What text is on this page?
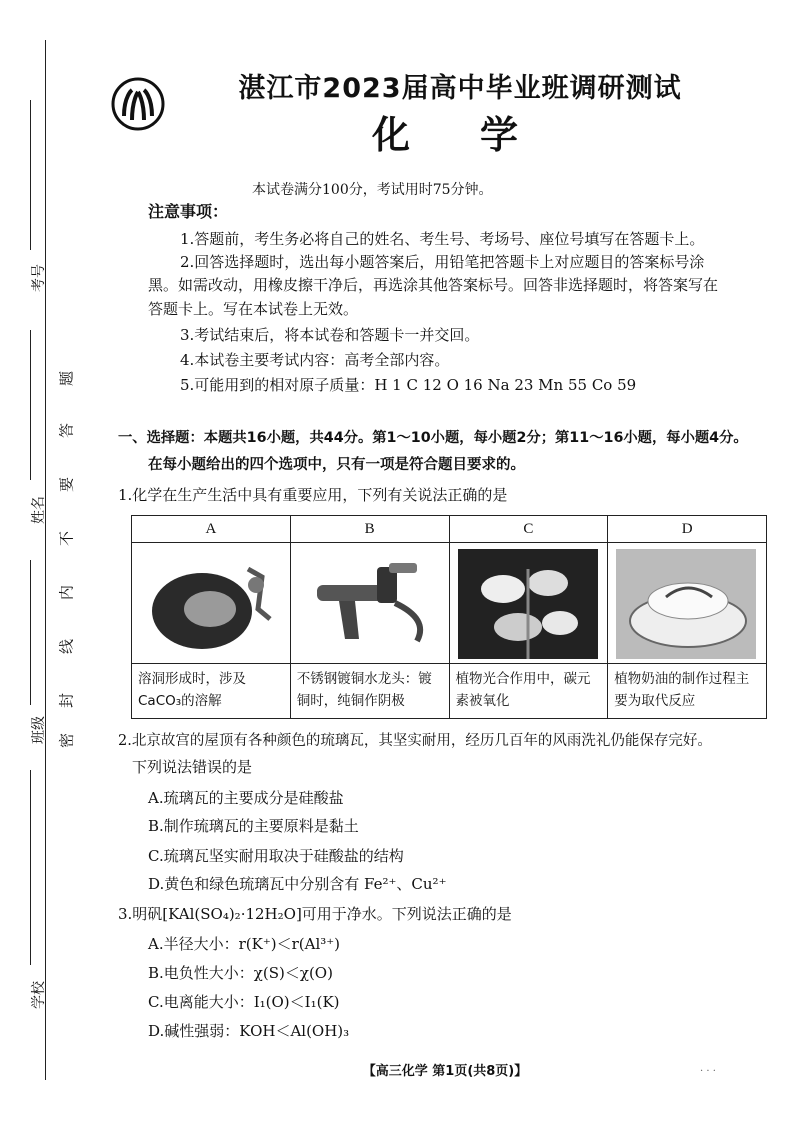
考号
姓名
班级
学校
题
答
要
不
内
线
封
密
湛江市2023届高中毕业班调研测试
化学
本试卷满分100分，考试用时75分钟。
注意事项：
1.答题前，考生务必将自己的姓名、考生号、考场号、座位号填写在答题卡上。
2.回答选择题时，选出每小题答案后，用铅笔把答题卡上对应题目的答案标号涂
黑。如需改动，用橡皮擦干净后，再选涂其他答案标号。回答非选择题时，将答案写在
答题卡上。写在本试卷上无效。
3.考试结束后，将本试卷和答题卡一并交回。
4.本试卷主要考试内容：高考全部内容。
5.可能用到的相对原子质量：H 1 C 12 O 16 Na 23 Mn 55 Co 59
一、选择题：本题共16小题，共44分。第1～10小题，每小题2分；第11～16小题，每小题4分。
在每小题给出的四个选项中，只有一项是符合题目要求的。
1.化学在生产生活中具有重要应用，下列有关说法正确的是
A	B	C	D

溶洞形成时，涉及CaCO₃的溶解	不锈钢镀铜水龙头：镀铜时，纯铜作阴极	植物光合作用中，碳元素被氧化	植物奶油的制作过程主要为取代反应
2.北京故宫的屋顶有各种颜色的琉璃瓦，其坚实耐用，经历几百年的风雨洗礼仍能保存完好。
下列说法错误的是
A.琉璃瓦的主要成分是硅酸盐
B.制作琉璃瓦的主要原料是黏土
C.琉璃瓦坚实耐用取决于硅酸盐的结构
D.黄色和绿色琉璃瓦中分别含有 Fe²⁺、Cu²⁺
3.明矾[KAl(SO₄)₂·12H₂O]可用于净水。下列说法正确的是
A.半径大小：r(K⁺)＜r(Al³⁺)
B.电负性大小：χ(S)＜χ(O)
C.电离能大小：I₁(O)＜I₁(K)
D.碱性强弱：KOH＜Al(OH)₃
【高三化学 第1页(共8页)】	· · ·
